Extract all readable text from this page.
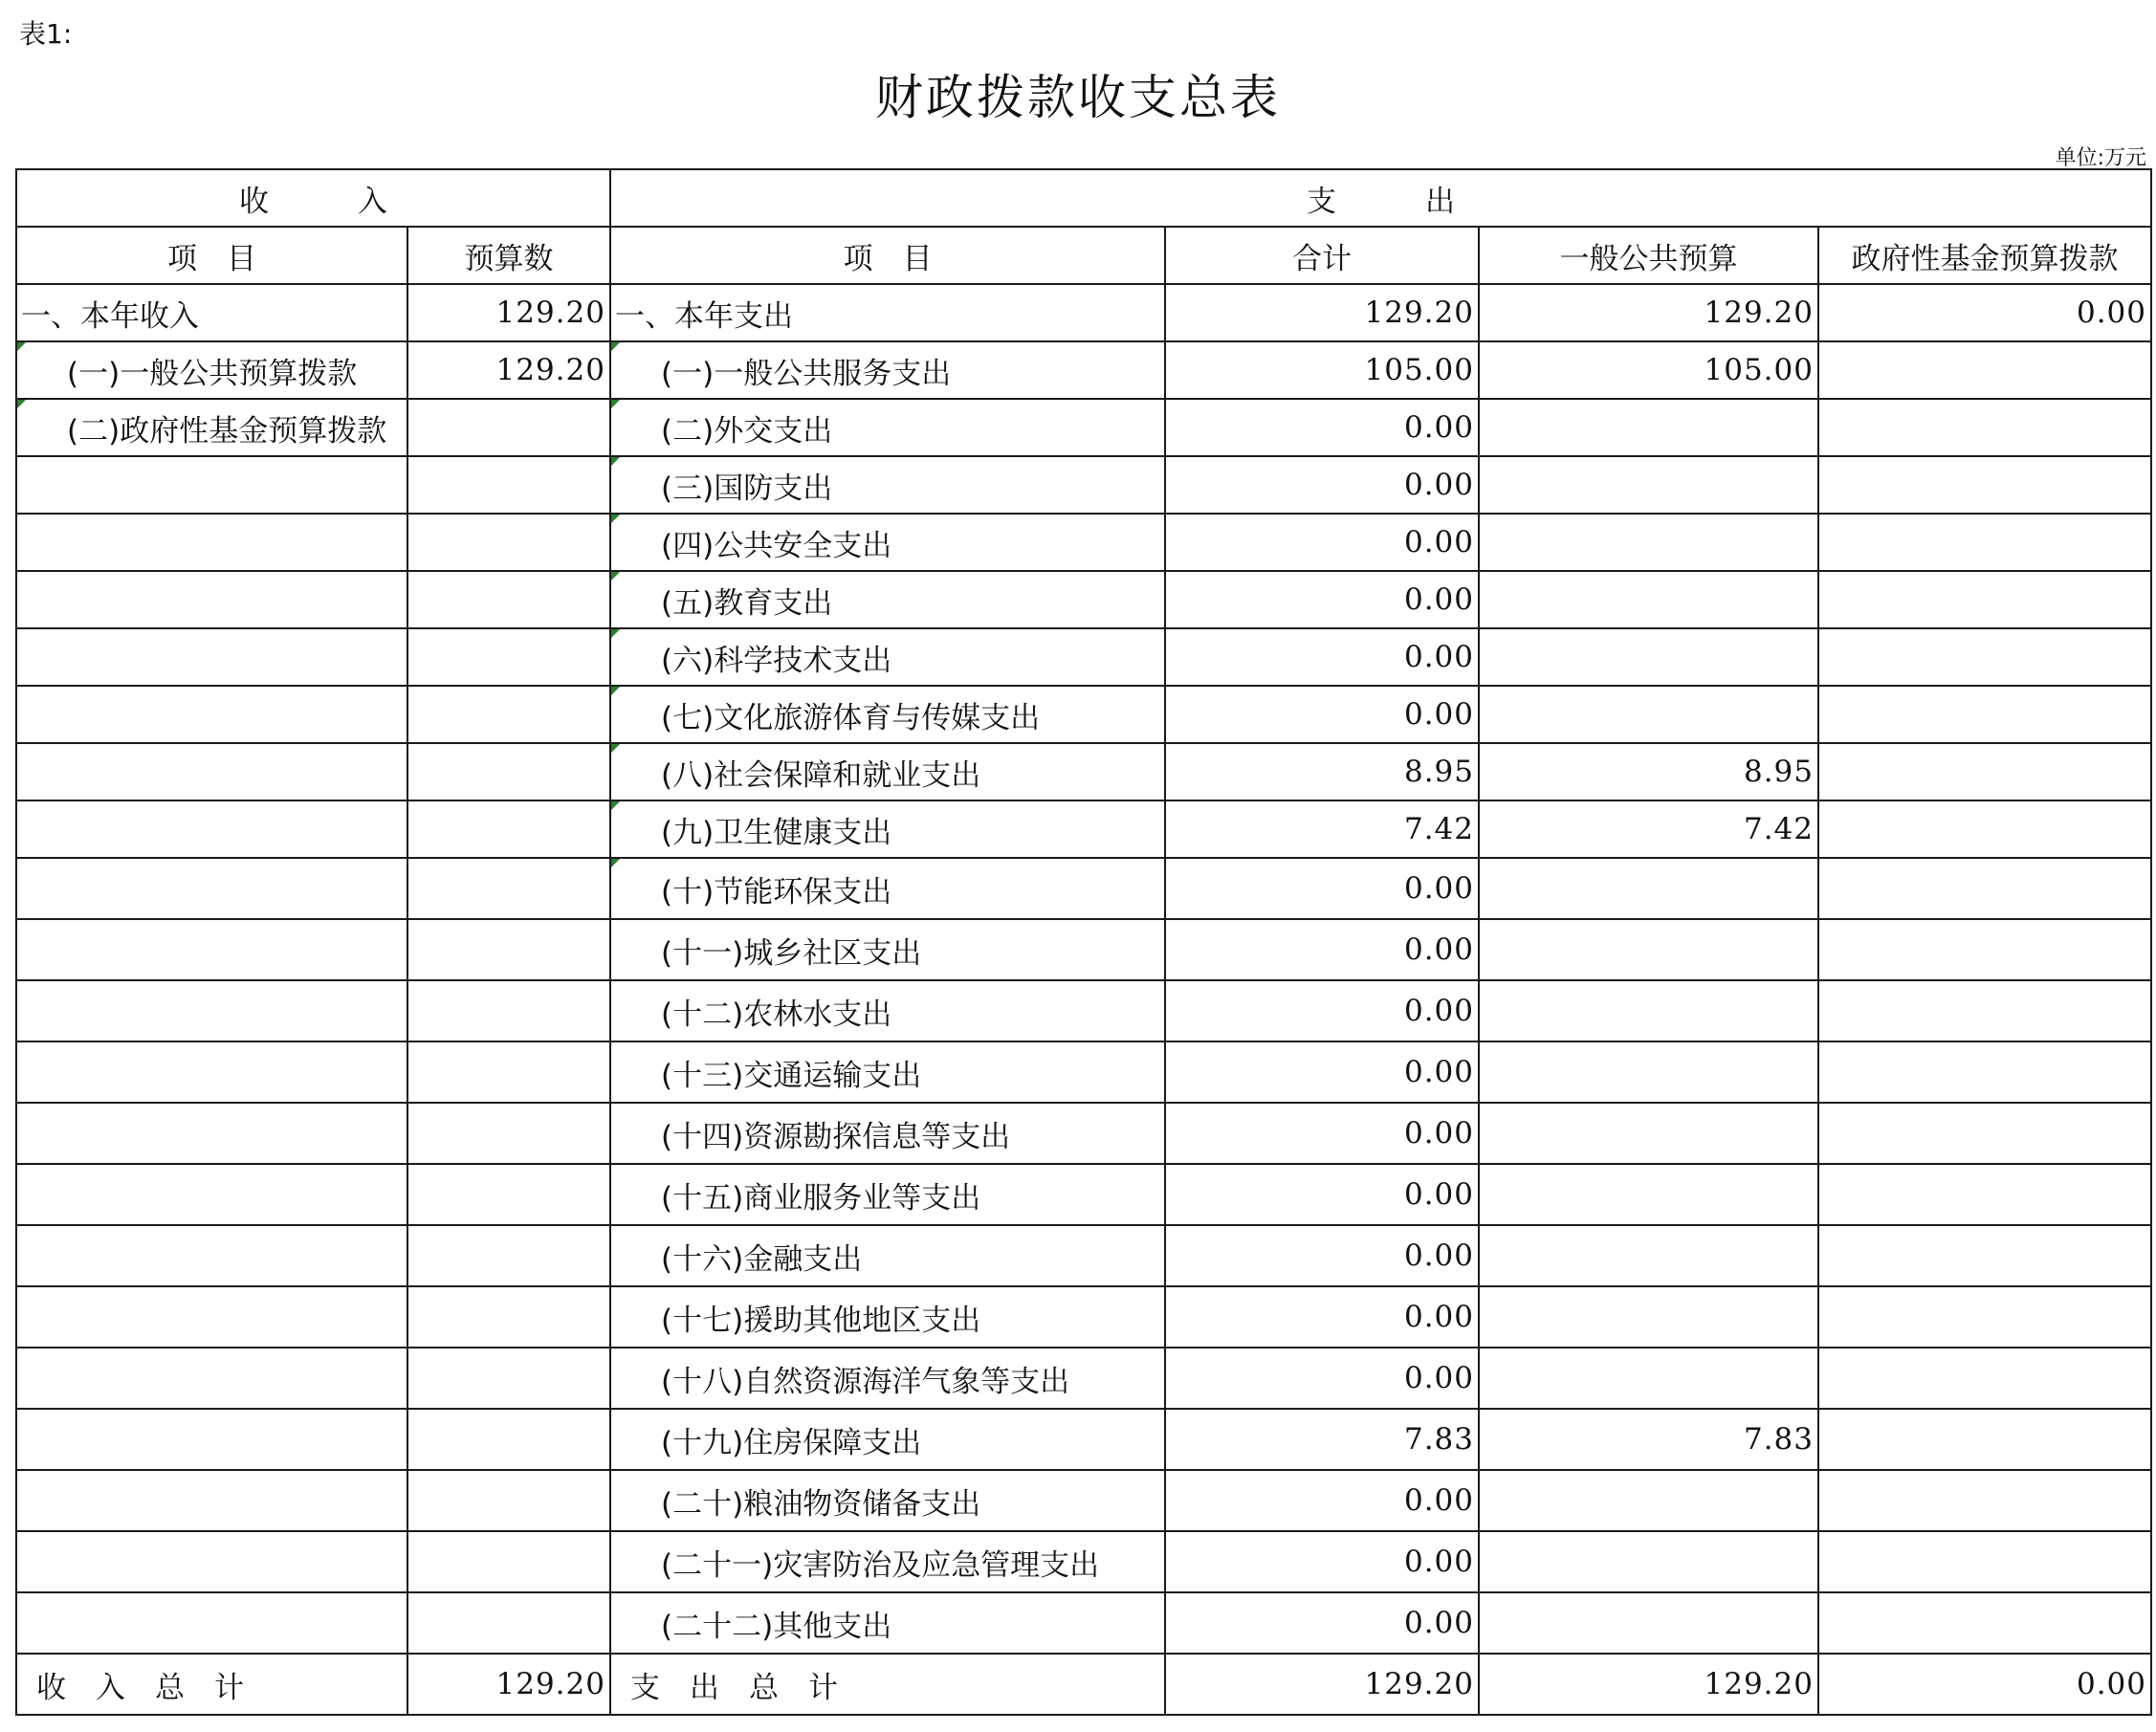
表1:
财政拨款收支总表
单位:万元
收　　　入		支　　　出			
项　目	预算数	项　目	合计	一般公共预算	政府性基金预算拨款
一、本年收入	129.20	一、本年支出	129.20	129.20	0.00
(一)一般公共预算拨款	129.20	(一)一般公共服务支出	105.00	105.00	
(二)政府性基金预算拨款		(二)外交支出	0.00		
		(三)国防支出	0.00		
		(四)公共安全支出	0.00		
		(五)教育支出	0.00		
		(六)科学技术支出	0.00		
		(七)文化旅游体育与传媒支出	0.00		
		(八)社会保障和就业支出	8.95	8.95	
		(九)卫生健康支出	7.42	7.42	
		(十)节能环保支出	0.00		
		(十一)城乡社区支出	0.00		
		(十二)农林水支出	0.00		
		(十三)交通运输支出	0.00		
		(十四)资源勘探信息等支出	0.00		
		(十五)商业服务业等支出	0.00		
		(十六)金融支出	0.00		
		(十七)援助其他地区支出	0.00		
		(十八)自然资源海洋气象等支出	0.00		
		(十九)住房保障支出	7.83	7.83	
		(二十)粮油物资储备支出	0.00		
		(二十一)灾害防治及应急管理支出	0.00		
		(二十二)其他支出	0.00		
收　入　总　计	129.20	支　出　总　计	129.20	129.20	0.00
